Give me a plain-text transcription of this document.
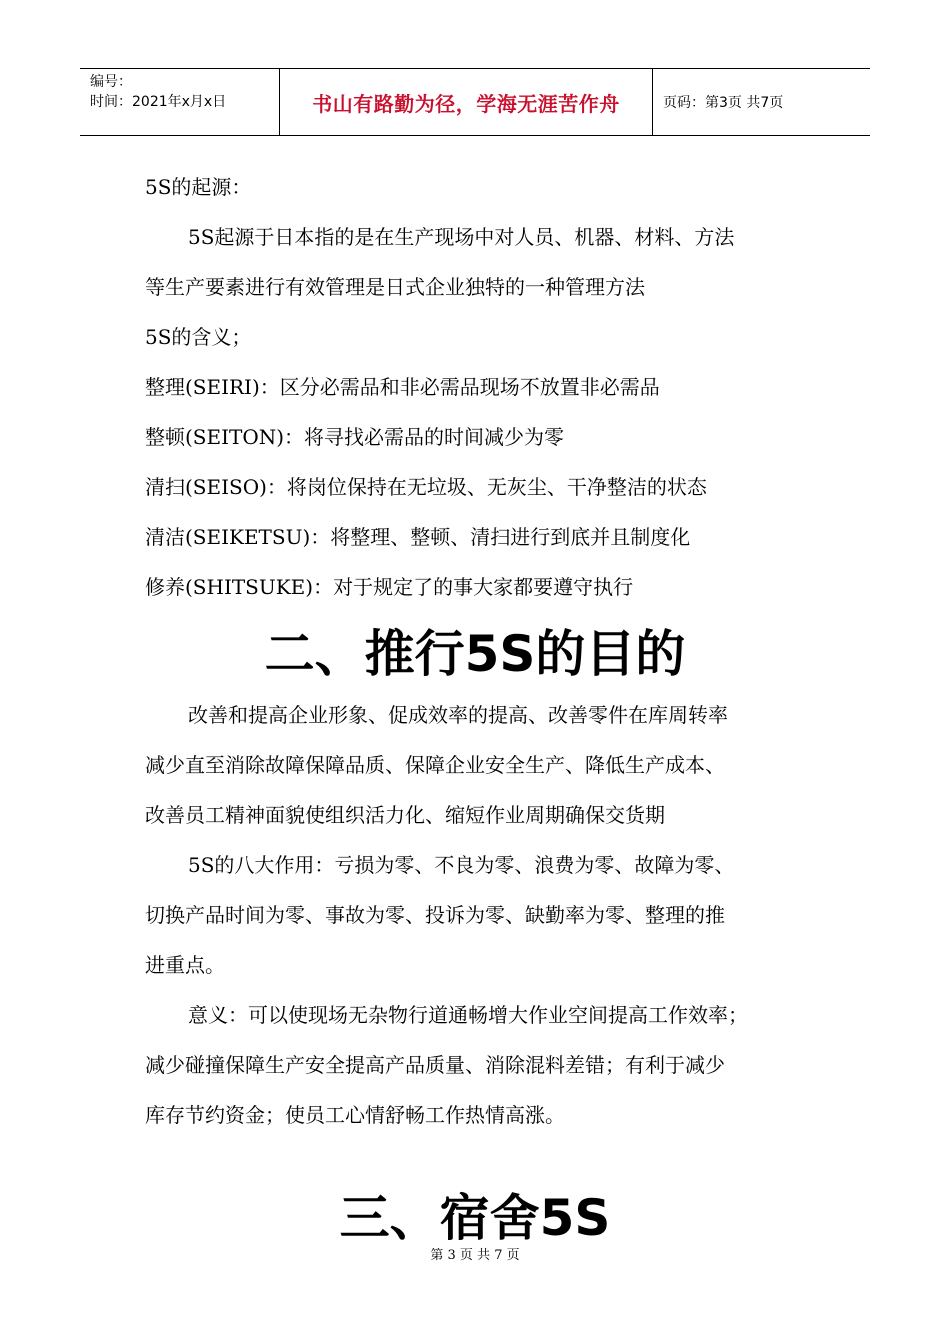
编号：
时间：2021年x月x日	书山有路勤为径，学海无涯苦作舟	页码：第3页 共7页

5S的起源：

5S起源于日本指的是在生产现场中对人员、机器、材料、方法

等生产要素进行有效管理是日式企业独特的一种管理方法

5S的含义；

整理(SEIRI)：区分必需品和非必需品现场不放置非必需品

整顿(SEITON)：将寻找必需品的时间减少为零

清扫(SEISO)：将岗位保持在无垃圾、无灰尘、干净整洁的状态

清洁(SEIKETSU)：将整理、整顿、清扫进行到底并且制度化

修养(SHITSUKE)：对于规定了的事大家都要遵守执行

二、推行5S的目的

改善和提高企业形象、促成效率的提高、改善零件在库周转率

减少直至消除故障保障品质、保障企业安全生产、降低生产成本、

改善员工精神面貌使组织活力化、缩短作业周期确保交货期

5S的八大作用：亏损为零、不良为零、浪费为零、故障为零、

切换产品时间为零、事故为零、投诉为零、缺勤率为零、整理的推

进重点。

意义：可以使现场无杂物行道通畅增大作业空间提高工作效率；

减少碰撞保障生产安全提高产品质量、消除混料差错；有利于减少

库存节约资金；使员工心情舒畅工作热情高涨。

三、宿舍5S
第 3 页 共 7 页
